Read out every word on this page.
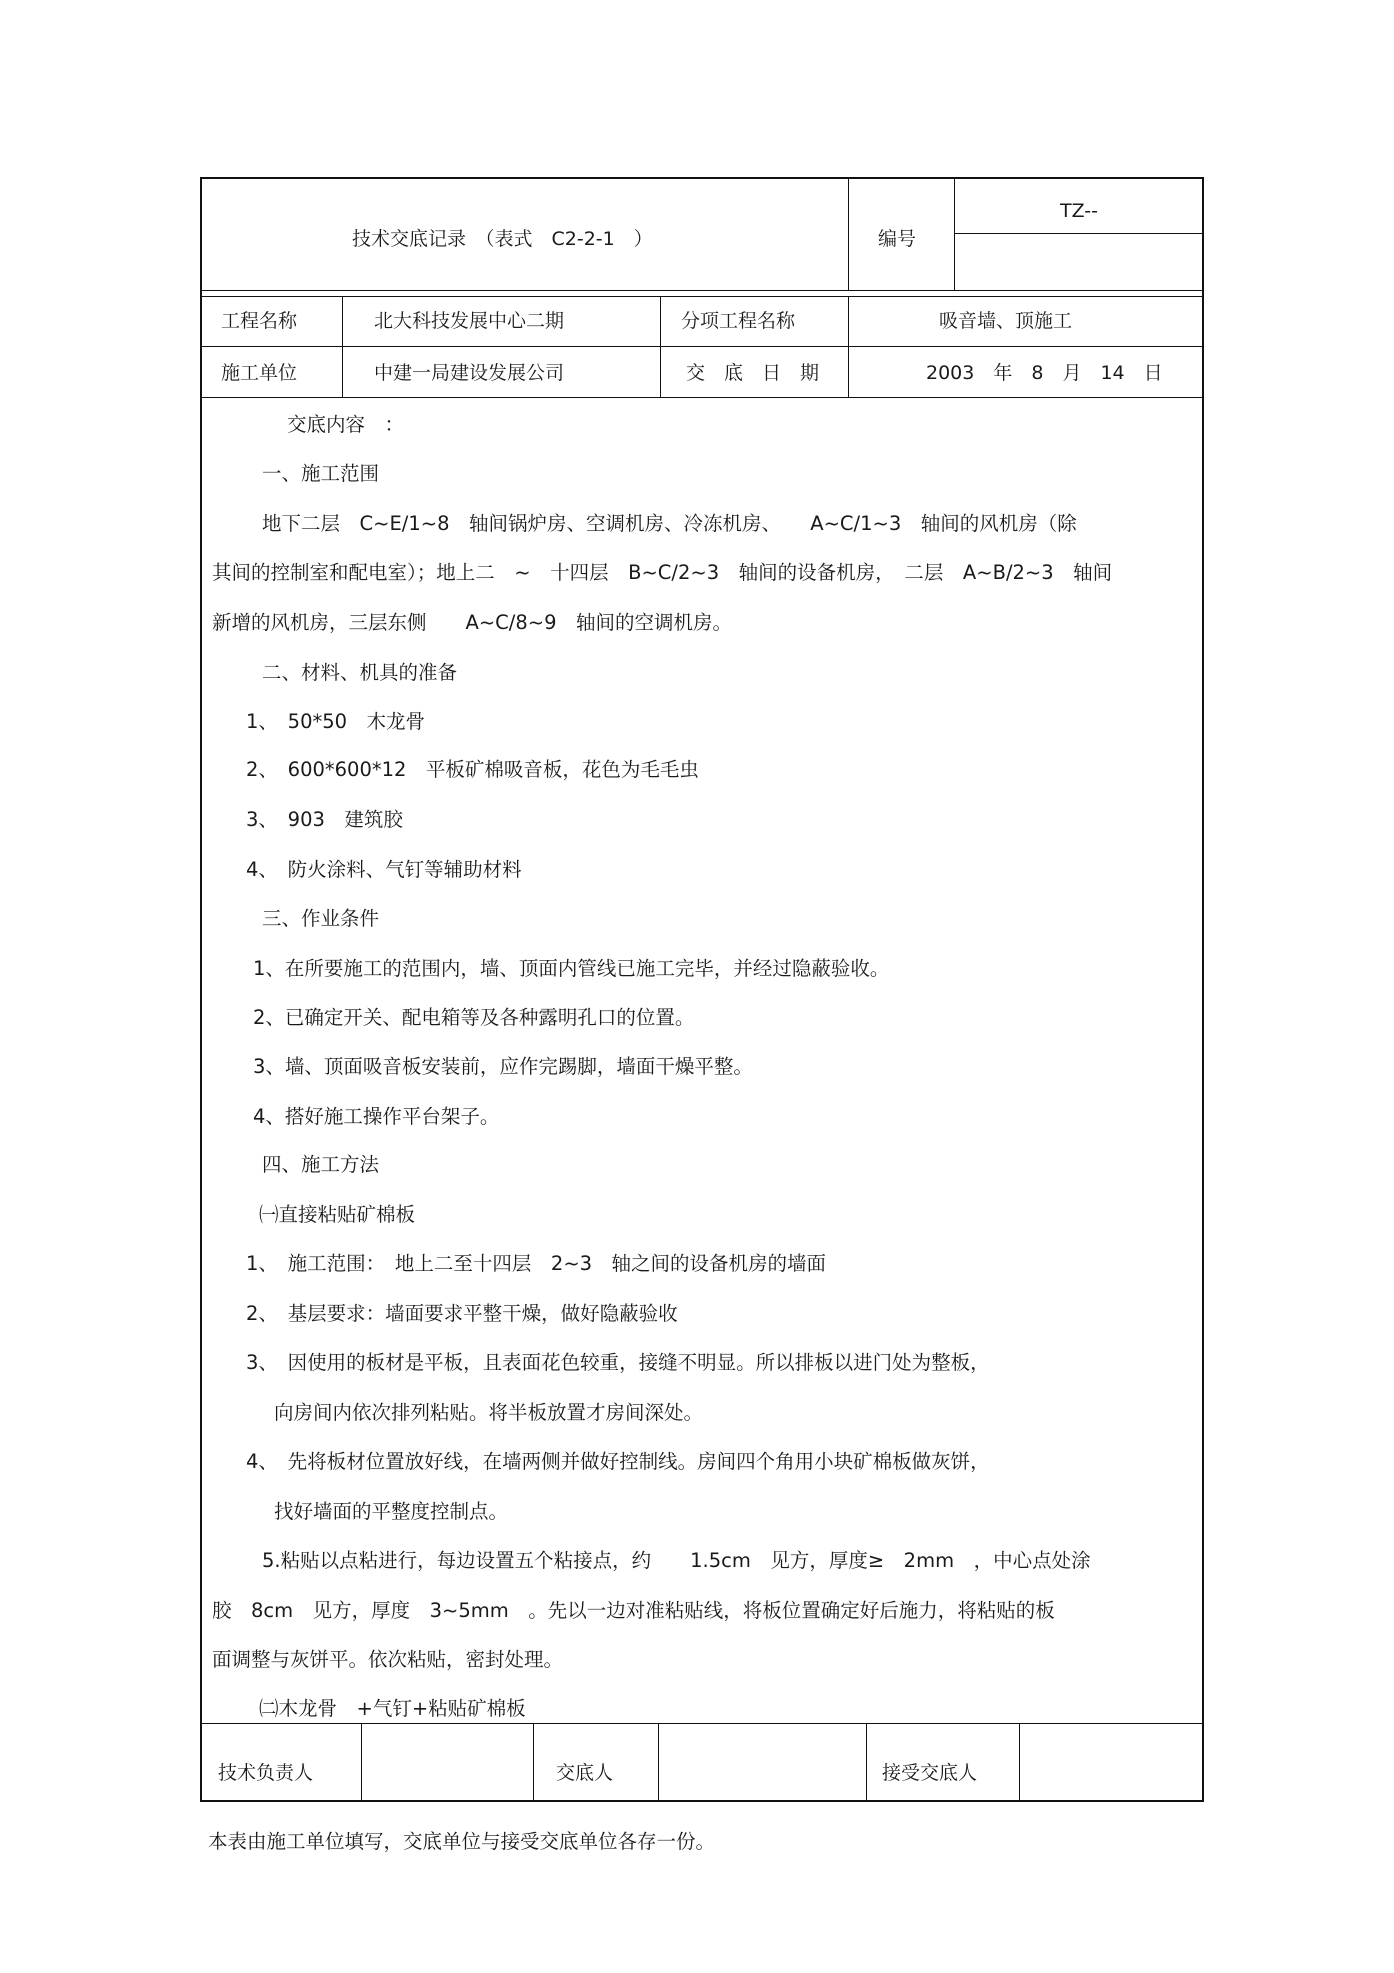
技术交底记录　（表式　C2-2-1　）	编号
TZ--
工程名称	北大科技发展中心二期	分项工程名称	吸音墙、顶施工
施工单位	中建一局建设发展公司	交　底　日　期	2003　年　8　月　14　日
交底内容　：
一、施工范围
地下二层　C~E/1~8　轴间锅炉房、空调机房、冷冻机房、　　A~C/1~3　轴间的风机房（除
其间的控制室和配电室）；地上二　~　十四层　B~C/2~3　轴间的设备机房，　二层　A~B/2~3　轴间
新增的风机房，三层东侧　　A~C/8~9　轴间的空调机房。
二、材料、机具的准备
1、　50*50　木龙骨
2、　600*600*12　平板矿棉吸音板，花色为毛毛虫
3、　903　建筑胶
4、　防火涂料、气钉等辅助材料
三、作业条件
1、在所要施工的范围内，墙、顶面内管线已施工完毕，并经过隐蔽验收。
2、已确定开关、配电箱等及各种露明孔口的位置。
3、墙、顶面吸音板安装前，应作完踢脚，墙面干燥平整。
4、搭好施工操作平台架子。
四、施工方法
㈠直接粘贴矿棉板
1、　施工范围：　地上二至十四层　2~3　轴之间的设备机房的墙面
2、　基层要求：墙面要求平整干燥，做好隐蔽验收
3、　因使用的板材是平板，且表面花色较重，接缝不明显。所以排板以进门处为整板，
向房间内依次排列粘贴。将半板放置才房间深处。
4、　先将板材位置放好线，在墙两侧并做好控制线。房间四个角用小块矿棉板做灰饼，
找好墙面的平整度控制点。
5.粘贴以点粘进行，每边设置五个粘接点，约　　1.5cm　见方，厚度≥　2mm　，中心点处涂
胶　8cm　见方，厚度　3~5mm　。先以一边对准粘贴线，将板位置确定好后施力，将粘贴的板
面调整与灰饼平。依次粘贴，密封处理。
㈡木龙骨　+气钉+粘贴矿棉板
技术负责人	交底人	接受交底人
本表由施工单位填写，交底单位与接受交底单位各存一份。
